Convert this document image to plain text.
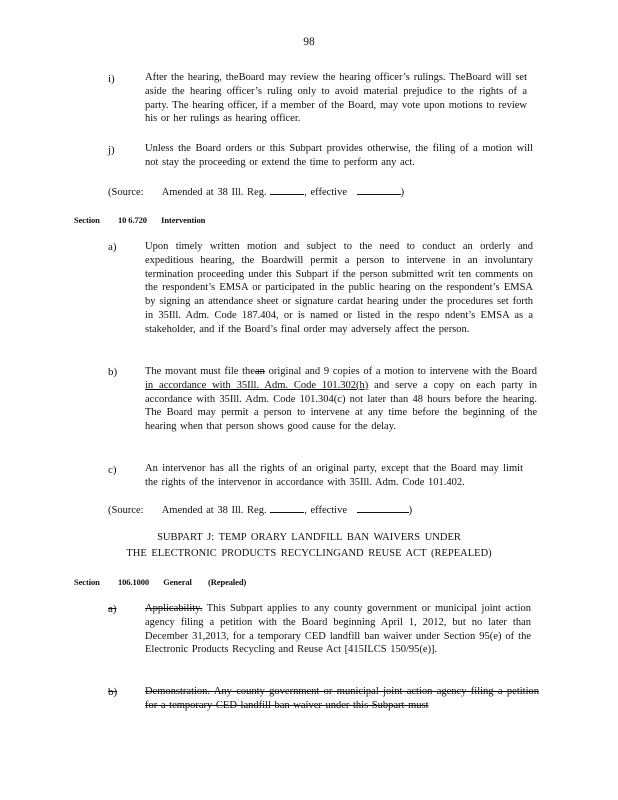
98
i)	After the hearing, theBoard may review the hearing officer’s rulings. TheBoard will set aside the hearing officer’s ruling only to avoid material prejudice to the rights of a party. The hearing officer, if a member of the Board, may vote upon motions to review his or her rulings as hearing officer.
j)	Unless the Board orders or this Subpart provides otherwise, the filing of a motion will not stay the proceeding or extend the time to perform any act.
(Source: Amended at 38 Ill. Reg.	, effective	)
Section 10 6.720 Intervention
a)	Upon timely written motion and subject to the need to conduct an orderly and expeditious hearing, the Boardwill permit a person to intervene in an involuntary termination proceeding under this Subpart if the person submitted writ ten comments on the respondent’s EMSA or participated in the public hearing on the respondent’s EMSA by signing an attendance sheet or signature cardat hearing under the procedures set forth in 35Ill. Adm. Code 187.404, or is named or listed in the respo ndent’s EMSA as a stakeholder, and if the Board’s final order may adversely affect the person.
b)	The movant must file thean original and 9 copies of a motion to intervene with the Board in accordance with 35Ill. Adm. Code 101.302(h) and serve a copy on each party in accordance with 35Ill. Adm. Code 101.304(c) not later than 48 hours before the hearing. The Board may permit a person to intervene at any time before the beginning of the hearing when that person shows good cause for the delay.
c)	An intervenor has all the rights of an original party, except that the Board may limit the rights of the intervenor in accordance with 35Ill. Adm. Code 101.402.
(Source: Amended at 38 Ill. Reg.	, effective	)
SUBPART J: TEMP ORARY LANDFILL BAN WAIVERS UNDER
THE ELECTRONIC PRODUCTS RECYCLINGAND REUSE ACT (REPEALED)
Section 106.1000 General (Repealed)
a)	Applicability. This Subpart applies to any county government or municipal joint action agency filing a petition with the Board beginning April 1, 2012, but no later than December 31,2013, for a temporary CED landfill ban waiver under Section 95(e) of the Electronic Products Recycling and Reuse Act [415ILCS 150/95(e)].
b)	Demonstration. Any county government or municipal joint action agency filing a petition for a temporary CED landfill ban waiver under this Subpart must
